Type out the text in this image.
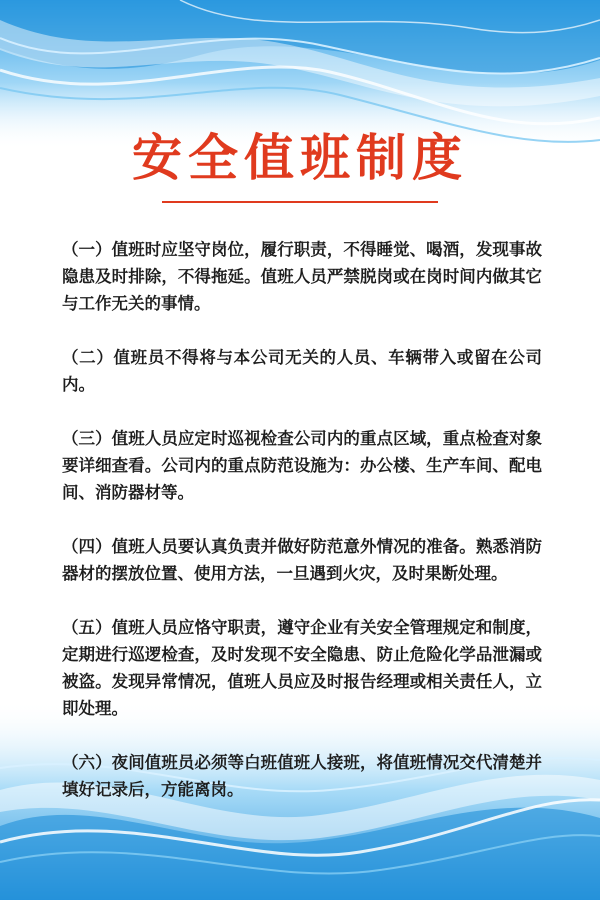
安全值班制度

（一）值班时应坚守岗位，履行职责，不得睡觉、喝酒，发现事故隐患及时排除，不得拖延。值班人员严禁脱岗或在岗时间内做其它与工作无关的事情。

（二）值班员不得将与本公司无关的人员、车辆带入或留在公司内。

（三）值班人员应定时巡视检查公司内的重点区域，重点检查对象要详细查看。公司内的重点防范设施为：办公楼、生产车间、配电间、消防器材等。

（四）值班人员要认真负责并做好防范意外情况的准备。熟悉消防器材的摆放位置、使用方法，一旦遇到火灾，及时果断处理。

（五）值班人员应恪守职责，遵守企业有关安全管理规定和制度，定期进行巡逻检查，及时发现不安全隐患、防止危险化学品泄漏或被盗。发现异常情况，值班人员应及时报告经理或相关责任人，立即处理。

（六）夜间值班员必须等白班值班人接班，将值班情况交代清楚并填好记录后，方能离岗。
